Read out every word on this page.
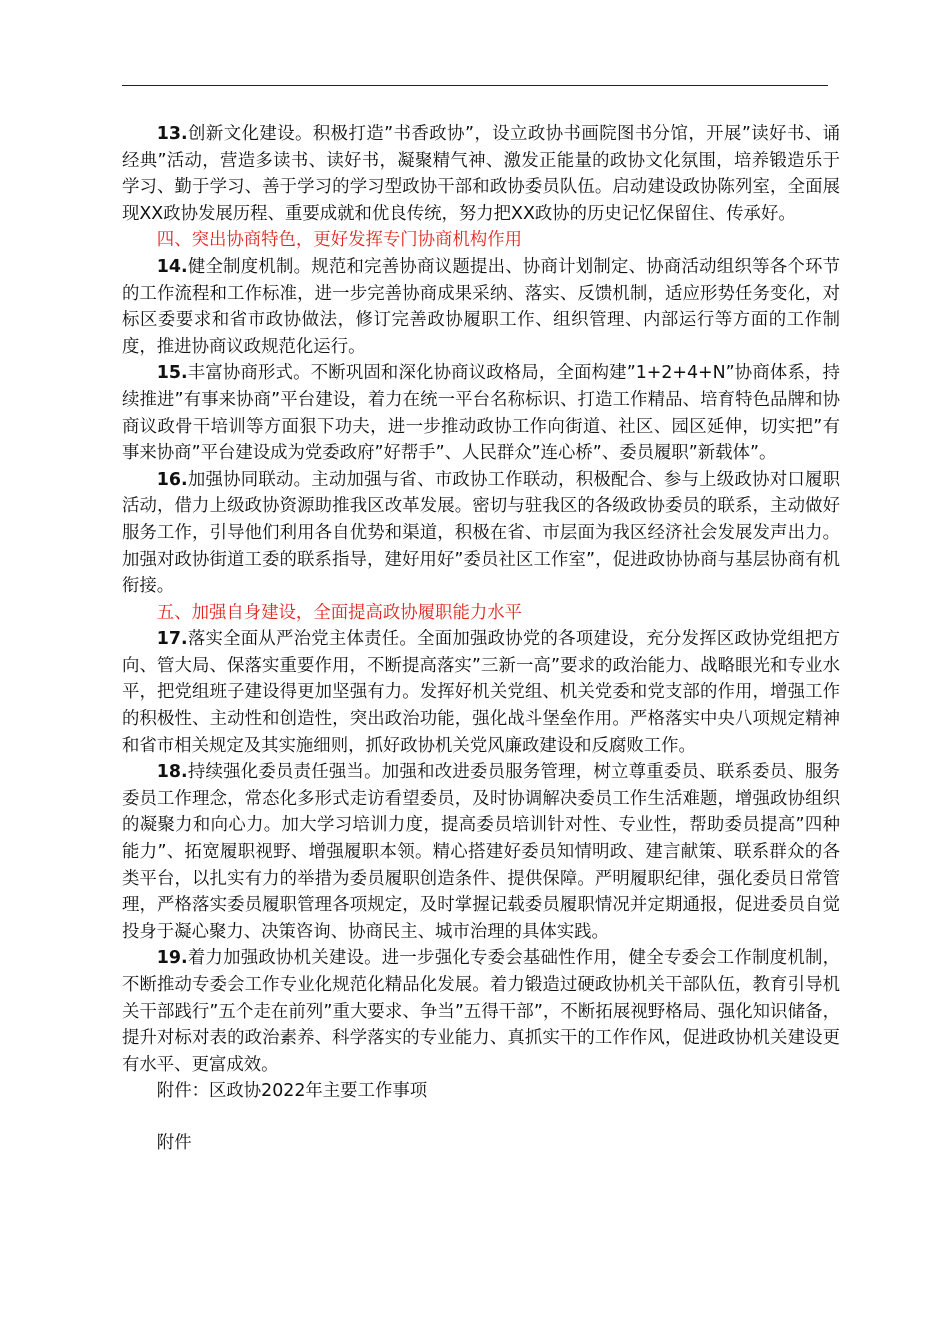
13.创新文化建设。积极打造”书香政协”，设立政协书画院图书分馆，开展”读好书、诵经典”活动，营造多读书、读好书，凝聚精气神、激发正能量的政协文化氛围，培养锻造乐于学习、勤于学习、善于学习的学习型政协干部和政协委员队伍。启动建设政协陈列室，全面展现XX政协发展历程、重要成就和优良传统，努力把XX政协的历史记忆保留住、传承好。

四、突出协商特色，更好发挥专门协商机构作用

14.健全制度机制。规范和完善协商议题提出、协商计划制定、协商活动组织等各个环节的工作流程和工作标准，进一步完善协商成果采纳、落实、反馈机制，适应形势任务变化，对标区委要求和省市政协做法，修订完善政协履职工作、组织管理、内部运行等方面的工作制度，推进协商议政规范化运行。

15.丰富协商形式。不断巩固和深化协商议政格局，全面构建”1+2+4+N”协商体系，持续推进”有事来协商”平台建设，着力在统一平台名称标识、打造工作精品、培育特色品牌和协商议政骨干培训等方面狠下功夫，进一步推动政协工作向街道、社区、园区延伸，切实把”有事来协商”平台建设成为党委政府”好帮手”、人民群众”连心桥”、委员履职”新载体”。

16.加强协同联动。主动加强与省、市政协工作联动，积极配合、参与上级政协对口履职活动，借力上级政协资源助推我区改革发展。密切与驻我区的各级政协委员的联系，主动做好服务工作，引导他们利用各自优势和渠道，积极在省、市层面为我区经济社会发展发声出力。加强对政协街道工委的联系指导，建好用好”委员社区工作室”，促进政协协商与基层协商有机衔接。

五、加强自身建设，全面提高政协履职能力水平

17.落实全面从严治党主体责任。全面加强政协党的各项建设，充分发挥区政协党组把方向、管大局、保落实重要作用，不断提高落实”三新一高”要求的政治能力、战略眼光和专业水平，把党组班子建设得更加坚强有力。发挥好机关党组、机关党委和党支部的作用，增强工作的积极性、主动性和创造性，突出政治功能，强化战斗堡垒作用。严格落实中央八项规定精神和省市相关规定及其实施细则，抓好政协机关党风廉政建设和反腐败工作。

18.持续强化委员责任强当。加强和改进委员服务管理，树立尊重委员、联系委员、服务委员工作理念，常态化多形式走访看望委员，及时协调解决委员工作生活难题，增强政协组织的凝聚力和向心力。加大学习培训力度，提高委员培训针对性、专业性，帮助委员提高”四种能力”、拓宽履职视野、增强履职本领。精心搭建好委员知情明政、建言献策、联系群众的各类平台，以扎实有力的举措为委员履职创造条件、提供保障。严明履职纪律，强化委员日常管理，严格落实委员履职管理各项规定，及时掌握记载委员履职情况并定期通报，促进委员自觉投身于凝心聚力、决策咨询、协商民主、城市治理的具体实践。

19.着力加强政协机关建设。进一步强化专委会基础性作用，健全专委会工作制度机制，不断推动专委会工作专业化规范化精品化发展。着力锻造过硬政协机关干部队伍，教育引导机关干部践行”五个走在前列”重大要求、争当”五得干部”，不断拓展视野格局、强化知识储备，提升对标对表的政治素养、科学落实的专业能力、真抓实干的工作作风，促进政协机关建设更有水平、更富成效。

附件：区政协2022年主要工作事项

附件
